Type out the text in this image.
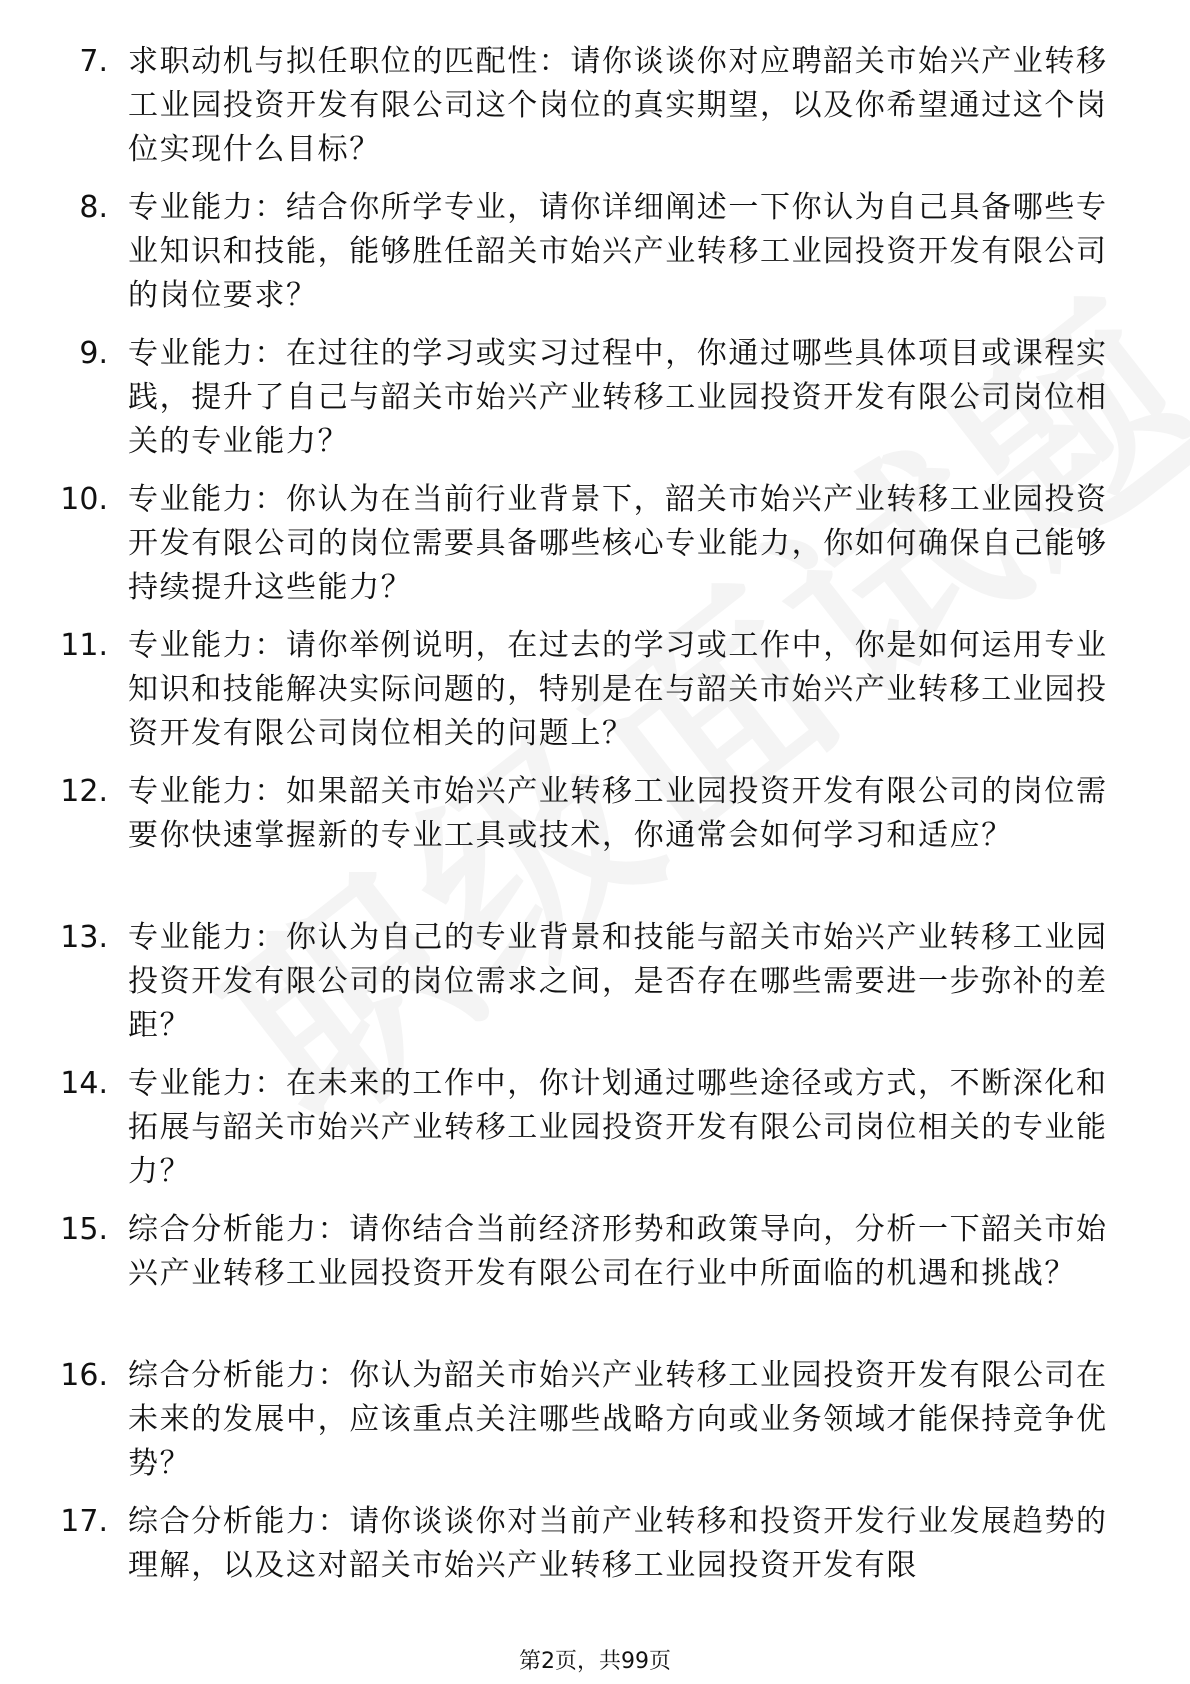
7. 求职动机与拟任职位的匹配性：请你谈谈你对应聘韶关市始兴产业转移工业园投资开发有限公司这个岗位的真实期望，以及你希望通过这个岗位实现什么目标？
8. 专业能力：结合你所学专业，请你详细阐述一下你认为自己具备哪些专业知识和技能，能够胜任韶关市始兴产业转移工业园投资开发有限公司的岗位要求？
9. 专业能力：在过往的学习或实习过程中，你通过哪些具体项目或课程实践，提升了自己与韶关市始兴产业转移工业园投资开发有限公司岗位相关的专业能力？
10. 专业能力：你认为在当前行业背景下，韶关市始兴产业转移工业园投资开发有限公司的岗位需要具备哪些核心专业能力，你如何确保自己能够持续提升这些能力？
11. 专业能力：请你举例说明，在过去的学习或工作中，你是如何运用专业知识和技能解决实际问题的，特别是在与韶关市始兴产业转移工业园投资开发有限公司岗位相关的问题上？
12. 专业能力：如果韶关市始兴产业转移工业园投资开发有限公司的岗位需要你快速掌握新的专业工具或技术，你通常会如何学习和适应？
13. 专业能力：你认为自己的专业背景和技能与韶关市始兴产业转移工业园投资开发有限公司的岗位需求之间，是否存在哪些需要进一步弥补的差距？
14. 专业能力：在未来的工作中，你计划通过哪些途径或方式，不断深化和拓展与韶关市始兴产业转移工业园投资开发有限公司岗位相关的专业能力？
15. 综合分析能力：请你结合当前经济形势和政策导向，分析一下韶关市始兴产业转移工业园投资开发有限公司在行业中所面临的机遇和挑战？
16. 综合分析能力：你认为韶关市始兴产业转移工业园投资开发有限公司在未来的发展中，应该重点关注哪些战略方向或业务领域才能保持竞争优势？
17. 综合分析能力：请你谈谈你对当前产业转移和投资开发行业发展趋势的理解，以及这对韶关市始兴产业转移工业园投资开发有限
第2页，共99页
